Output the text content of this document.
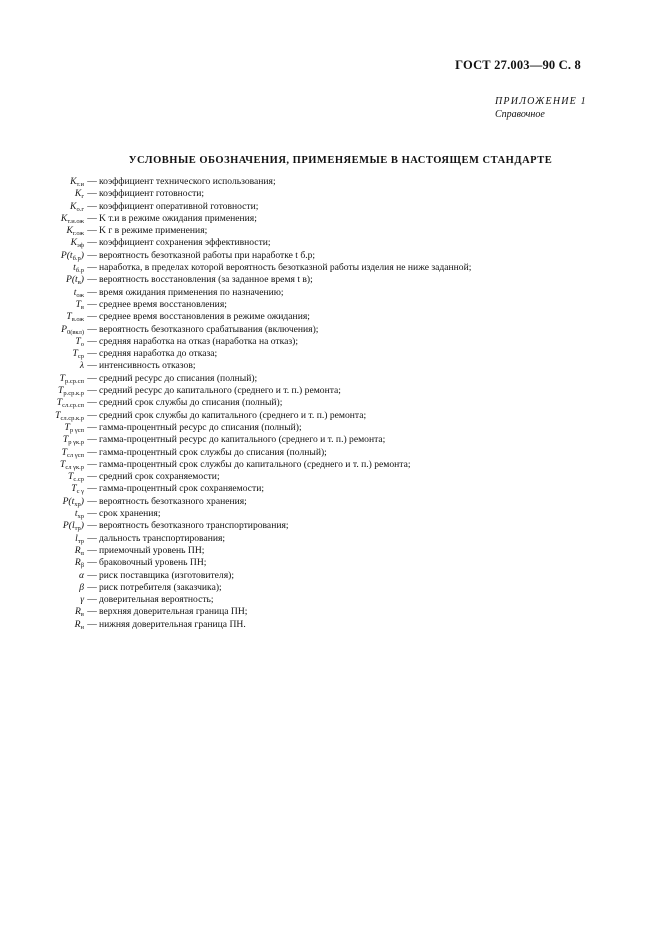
ГОСТ 27.003—90 С. 8
ПРИЛОЖЕНИЕ 1
Справочное
УСЛОВНЫЕ ОБОЗНАЧЕНИЯ, ПРИМЕНЯЕМЫЕ В НАСТОЯЩЕМ СТАНДАРТЕ
$K_{т.и}$ — коэффициент технического использования;
$K_г$ — коэффициент готовности;
$K_{о.г}$ — коэффициент оперативной готовности;
$K_{т.и.ож}$ — K т.и в режиме ожидания применения;
$K_{г.ож}$ — K г в режиме применения;
$K_{эф}$ — коэффициент сохранения эффективности;
$P(t_{б.р})$ — вероятность безотказной работы при наработке t б.р;
$t_{б.р}$ — наработка, в пределах которой вероятность безотказной работы изделия не ниже заданной;
$P(t_в)$ — вероятность восстановления (за заданное время t в);
$t_{ож}$ — время ожидания применения по назначению;
$T_в$ — среднее время восстановления;
$T_{в.ож}$ — среднее время восстановления в режиме ожидания;
$P_{0(вкл)}$ — вероятность безотказного срабатывания (включения);
$T_о$ — средняя наработка на отказ (наработка на отказ);
$T_{ср}$ — средняя наработка до отказа;
λ — интенсивность отказов;
$T_{р.ср.сп}$ — средний ресурс до списания (полный);
$T_{р.ср.к.р}$ — средний ресурс до капитального (среднего и т. п.) ремонта;
$T_{сл.ср.сп}$ — средний срок службы до списания (полный);
$T_{сл.ср.к.р}$ — средний срок службы до капитального (среднего и т. п.) ремонта;
$T_{р \gamma сп}$ — гамма-процентный ресурс до списания (полный);
$T_{р \gamma к.р}$ — гамма-процентный ресурс до капитального (среднего и т. п.) ремонта;
$T_{сл \gamma сп}$ — гамма-процентный срок службы до списания (полный);
$T_{сл \gamma к.р}$ — гамма-процентный срок службы до капитального (среднего и т. п.) ремонта;
$T_{с.ср}$ — средний срок сохраняемости;
$T_{с \gamma}$ — гамма-процентный срок сохраняемости;
$P(t_{хр})$ — вероятность безотказного хранения;
$t_{хр}$ — срок хранения;
$P(l_{тр})$ — вероятность безотказного транспортирования;
$l_{тр}$ — дальность транспортирования;
$R_\alpha$ — приемочный уровень ПН;
$R_\beta$ — браковочный уровень ПН;
α — риск поставщика (изготовителя);
β — риск потребителя (заказчика);
γ — доверительная вероятность;
$R_в$ — верхняя доверительная граница ПН;
$R_н$ — нижняя доверительная граница ПН.
